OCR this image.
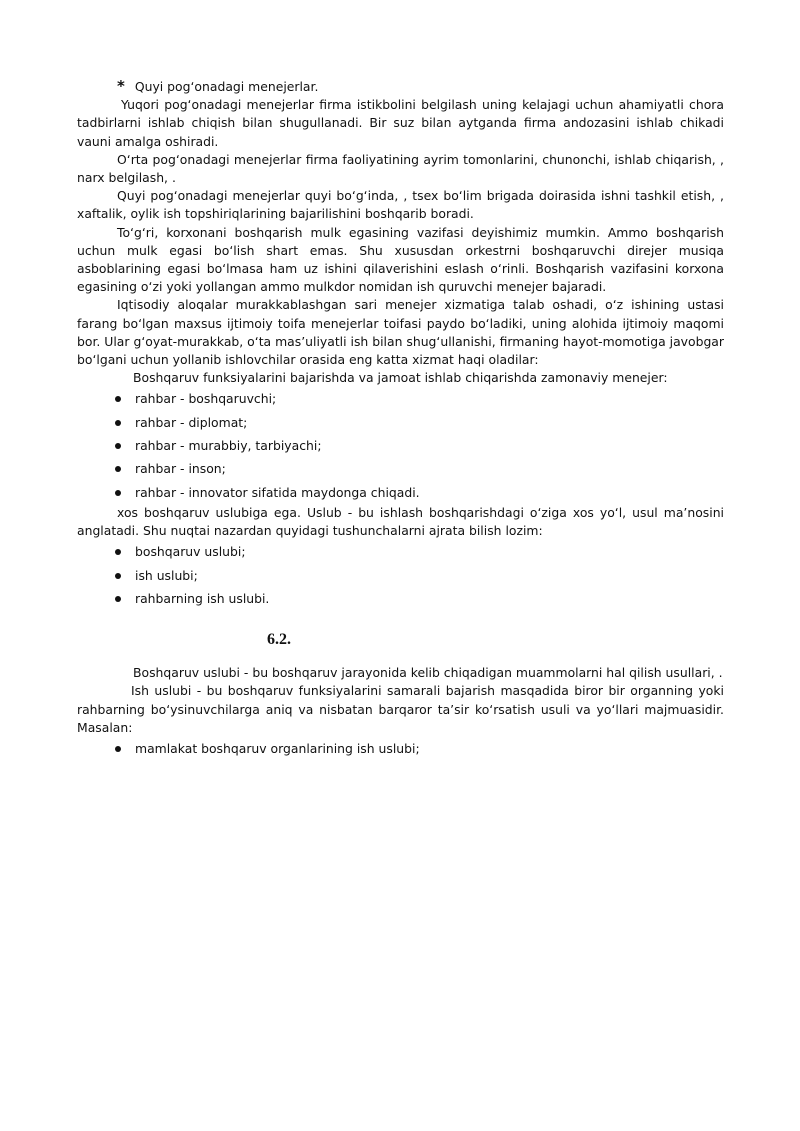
* Quyi pog‘onadagi menejerlar.

Yuqori pog‘onadagi menejerlar firma istikbolini belgilash uning kelajagi uchun ahamiyatli chora tadbirlarni ishlab chiqish bilan shugullanadi. Bir suz bilan aytganda firma andozasini ishlab chikadi vauni amalga oshiradi.

O‘rta pog‘onadagi menejerlar firma faoliyatining ayrim tomonlarini, chunonchi, ishlab chiqarish, , narx belgilash, .

Quyi pog‘onadagi menejerlar quyi bo‘g‘inda, , tsex bo‘lim brigada doirasida ishni tashkil etish, , xaftalik, oylik ish topshiriqlarining bajarilishini boshqarib boradi.

To‘g‘ri, korxonani boshqarish mulk egasining vazifasi deyishimiz mumkin. Ammo boshqarish uchun mulk egasi bo‘lish shart emas. Shu xususdan orkestrni boshqaruvchi direjer musiqa asboblarining egasi bo‘lmasa ham uz ishini qilaverishini eslash o‘rinli. Boshqarish vazifasini korxona egasining o‘zi yoki yollangan ammo mulkdor nomidan ish quruvchi menejer bajaradi.

Iqtisodiy aloqalar murakkablashgan sari menejer xizmatiga talab oshadi, o‘z ishining ustasi farang bo‘lgan maxsus ijtimoiy toifa menejerlar toifasi paydo bo‘ladiki, uning alohida ijtimoiy maqomi bor. Ular g‘oyat-murakkab, o‘ta mas’uliyatli ish bilan shug‘ullanishi, firmaning hayot-momotiga javobgar bo‘lgani uchun yollanib ishlovchilar orasida eng katta xizmat haqi oladilar:

Boshqaruv funksiyalarini bajarishda va jamoat ishlab chiqarishda zamonaviy menejer:

rahbar - boshqaruvchi;
rahbar - diplomat;
rahbar - murabbiy, tarbiyachi;
rahbar - inson;
rahbar - innovator sifatida maydonga chiqadi.

xos boshqaruv uslubiga ega. Uslub - bu ishlash boshqarishdagi o‘ziga xos yo‘l, usul ma’nosini anglatadi. Shu nuqtai nazardan quyidagi tushunchalarni ajrata bilish lozim:

boshqaruv uslubi;
ish uslubi;
rahbarning ish uslubi.

6.2.

Boshqaruv uslubi - bu boshqaruv jarayonida kelib chiqadigan muammolarni hal qilish usullari, .

Ish uslubi - bu boshqaruv funksiyalarini samarali bajarish masqadida biror bir organning yoki rahbarning bo‘ysinuvchilarga aniq va nisbatan barqaror ta’sir ko‘rsatish usuli va yo‘llari majmuasidir. Masalan:

mamlakat boshqaruv organlarining ish uslubi;
